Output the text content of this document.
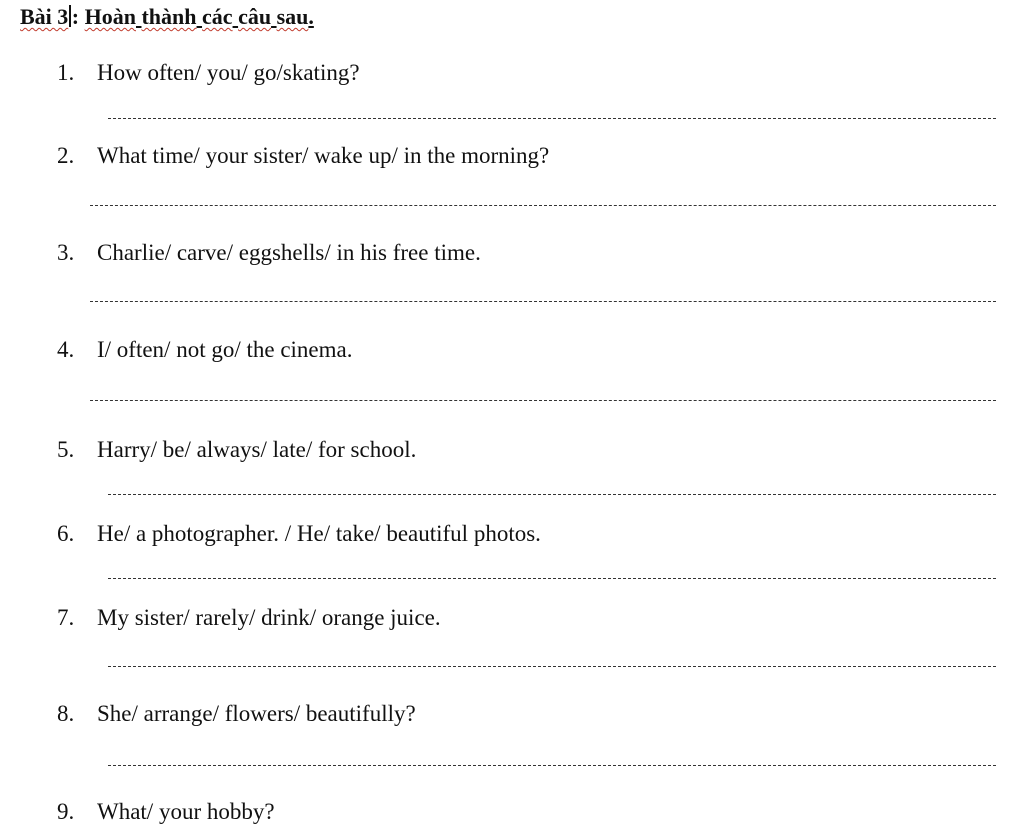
Bài 3 : Hoàn thành các câu sau.
1. How often/ you/ go/skating?
2. What time/ your sister/ wake up/ in the morning?
3. Charlie/ carve/ eggshells/ in his free time.
4. I/ often/ not go/ the cinema.
5. Harry/ be/ always/ late/ for school.
6. He/ a photographer. / He/ take/ beautiful photos.
7. My sister/ rarely/ drink/ orange juice.
8. She/ arrange/ flowers/ beautifully?
9. What/ your hobby?
